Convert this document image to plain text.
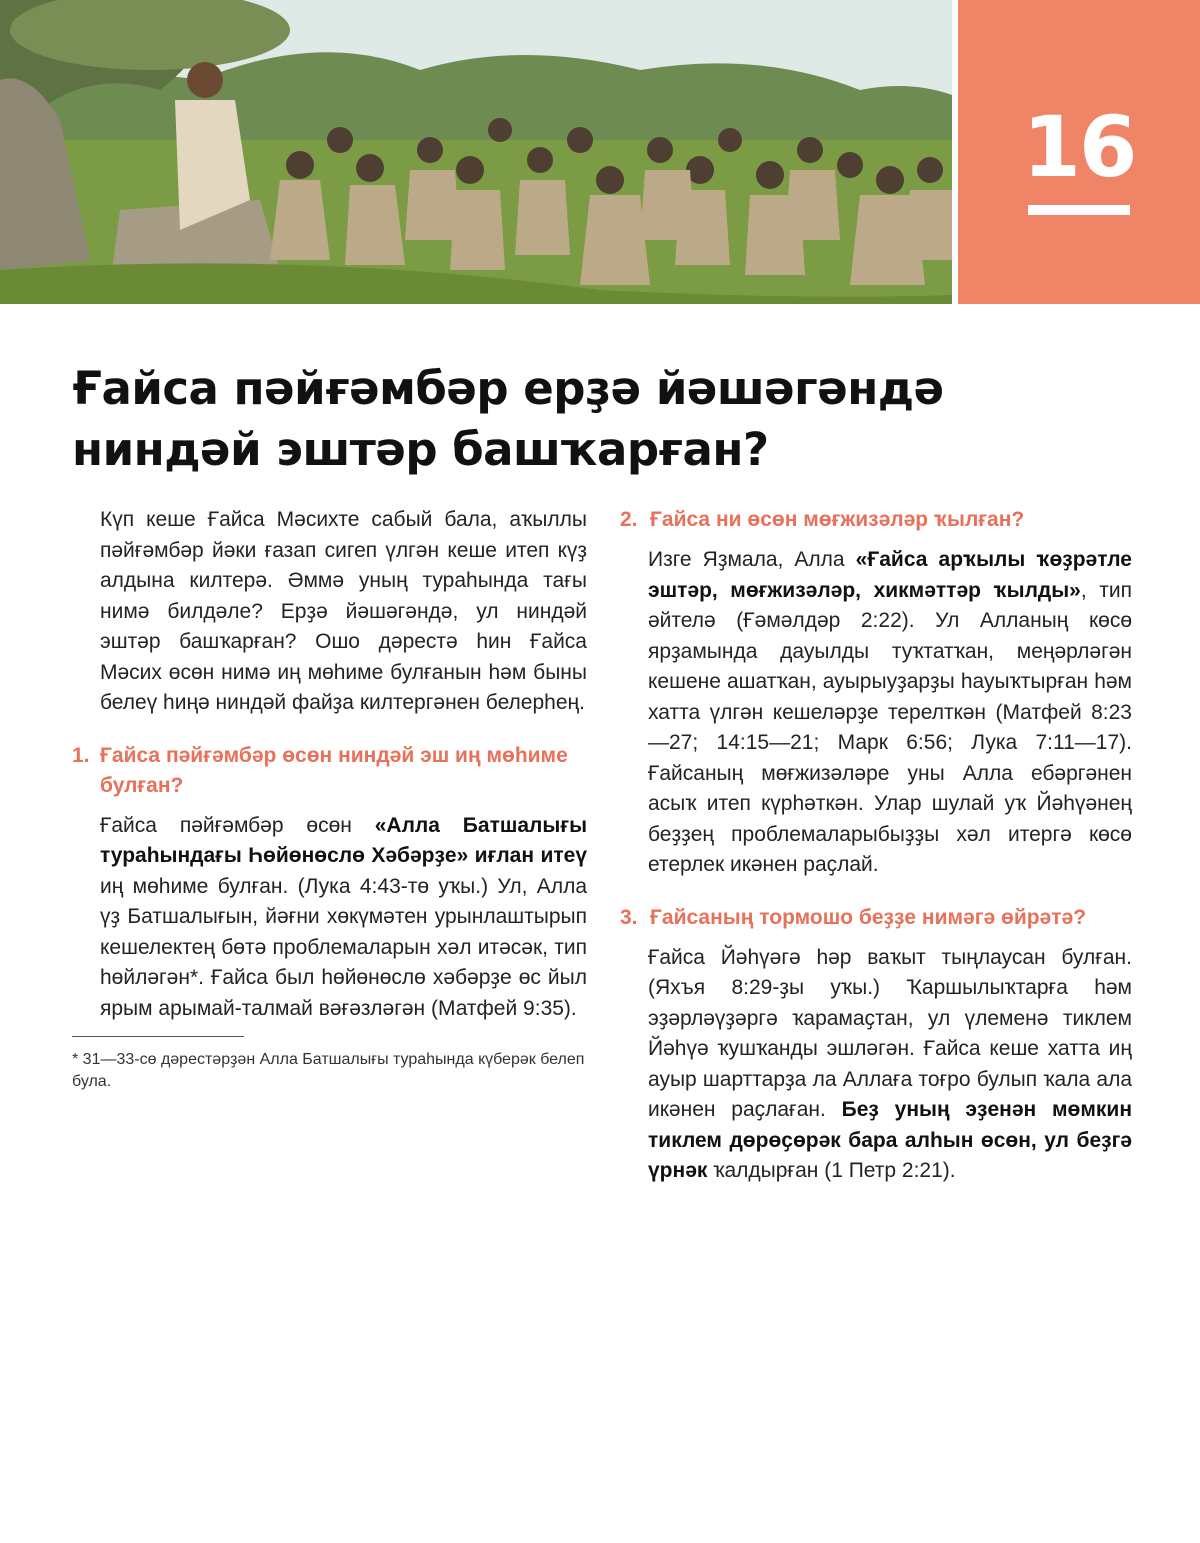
16
Ғайса пәйғәмбәр ерҙә йәшәгәндә ниндәй эштәр башҡарған?

Күп кеше Ғайса Мәсихте сабый бала, аҡыллы пәйғәмбәр йәки ғазап сигеп үлгән кеше итеп күҙ алдына килтерә. Әммә уның тураһында тағы нимә билдәле? Ерҙә йәшәгәндә, ул ниндәй эштәр башҡарған? Ошо дәрестә һин Ғайса Мәсих өсөн нимә иң мөһиме булғанын һәм быны белеү һиңә ниндәй файҙа килтергәнен белерһең.

1. Ғайса пәйғәмбәр өсөн ниндәй эш иң мөһиме булған?

Ғайса пәйғәмбәр өсөн «Алла Батшалығы тураһындағы Һөйөнөслө Хәбәрҙе» иғлан итеү иң мөһиме булған. (Лука 4:43-тө уҡы.) Ул, Алла үҙ Батшалығын, йәғни хөкүмәтен урынлаштырып кешелектең бөтә проблемаларын хәл итәсәк, тип һөйләгән*. Ғайса был һөйөнөслө хәбәрҙе өс йыл ярым арымай-талмай вәғәзләгән (Матфей 9:35).

* 31—33-сө дәрестәрҙән Алла Батшалығы тураһында күберәк белеп була.

2. Ғайса ни өсөн мөғжизәләр ҡылған?

Изге Яҙмала, Алла «Ғайса арҡылы ҡөҙрәтле эштәр, мөғжизәләр, хикмәттәр ҡылды», тип әйтелә (Ғәмәлдәр 2:22). Ул Алланың көсө ярҙамында дауылды туҡтатҡан, меңәрләгән кешене ашатҡан, ауырыуҙарҙы һауыҡтырған һәм хатта үлгән кешеләрҙе терелткән (Матфей 8:23—27; 14:15—21; Марк 6:56; Лука 7:11—17). Ғайсаның мөғжизәләре уны Алла ебәргәнен асыҡ итеп күрһәткән. Улар шулай уҡ Йәһүәнең беҙҙең проблемаларыбыҙҙы хәл итергә көсө етерлек икәнен раҫлай.

3. Ғайсаның тормошо беҙҙе нимәгә өйрәтә?

Ғайса Йәһүәгә һәр ваҡыт тыңлаусан булған. (Яхъя 8:29-ҙы уҡы.) Ҡаршылыҡтарға һәм эҙәрләүҙәргә ҡарамаҫтан, ул үлеменә тиклем Йәһүә ҡушҡанды эшләгән. Ғайса кеше хатта иң ауыр шарттарҙа ла Аллаға тоғро булып ҡала ала икәнен раҫлаған. Беҙ уның эҙенән мөмкин тиклем дөрөҫөрәк бара алһын өсөн, ул беҙгә үрнәк ҡалдырған (1 Петр 2:21).
